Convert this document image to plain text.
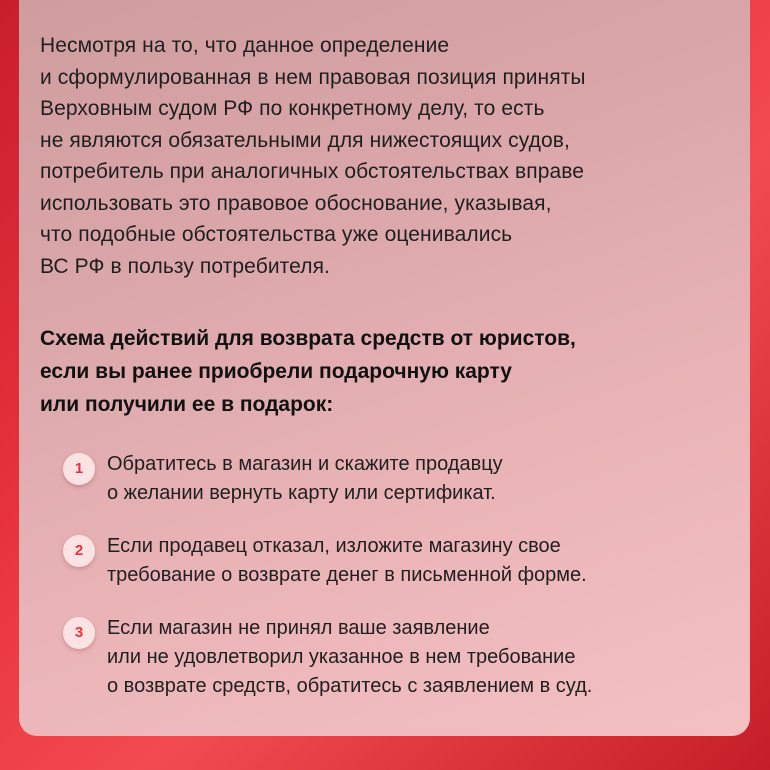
Несмотря на то, что данное определение
и сформулированная в нем правовая позиция приняты
Верховным судом РФ по конкретному делу, то есть
не являются обязательными для нижестоящих судов,
потребитель при аналогичных обстоятельствах вправе
использовать это правовое обоснование, указывая,
что подобные обстоятельства уже оценивались
ВС РФ в пользу потребителя.

Схема действий для возврата средств от юристов,
если вы ранее приобрели подарочную карту
или получили ее в подарок:
1	Обратитесь в магазин и скажите продавцу
о желании вернуть карту или сертификат.
2	Если продавец отказал, изложите магазину свое
требование о возврате денег в письменной форме.
3	Если магазин не принял ваше заявление
или не удовлетворил указанное в нем требование
о возврате средств, обратитесь с заявлением в суд.
